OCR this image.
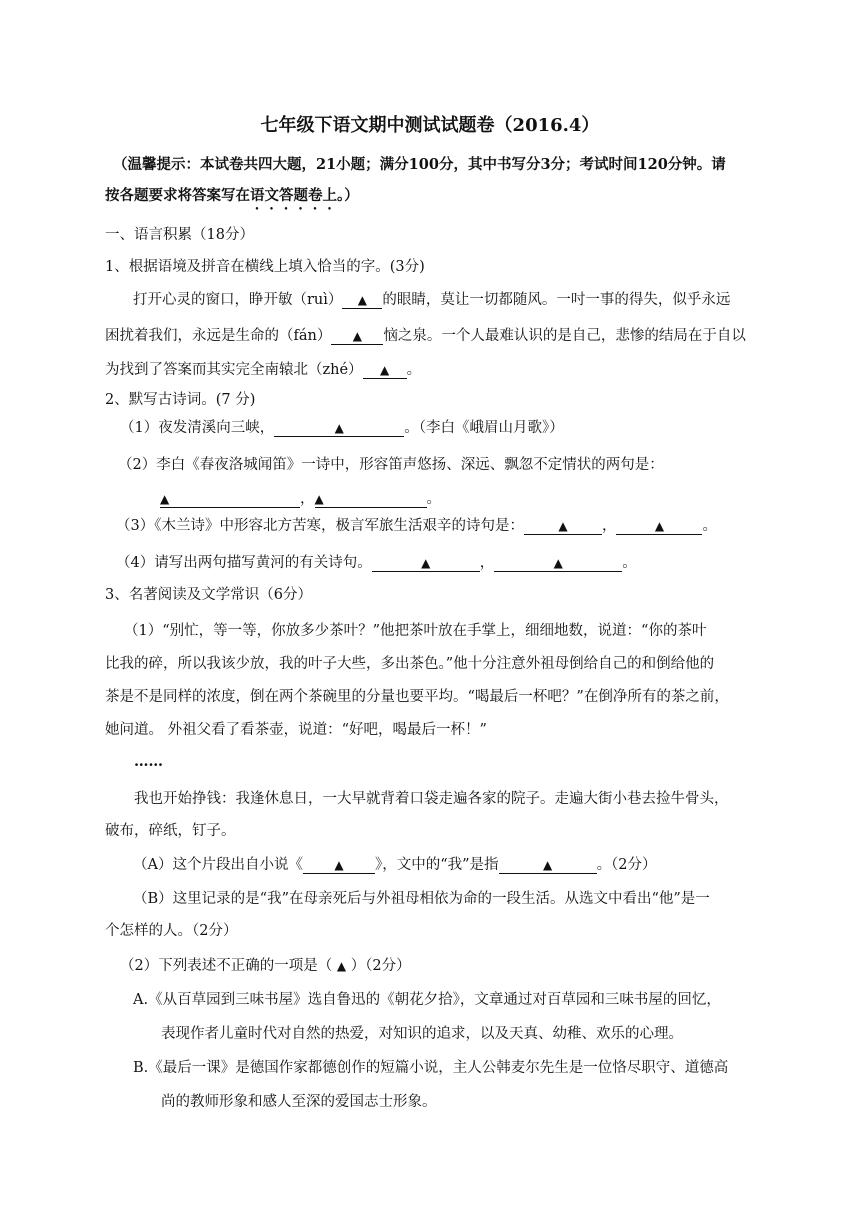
七年级下语文期中测试试题卷（2016.4）
（温馨提示：本试卷共四大题，21小题；满分100分，其中书写分3分；考试时间120分钟。请
按各题要求将答案写在语文答题卷上。）
一、语言积累（18分）
1、根据语境及拼音在横线上填入恰当的字。(3分)
打开心灵的窗口，睁开敏（ruì） ▲ 的眼睛，莫让一切都随风。一吋一事的得失，似乎永远
困扰着我们，永远是生命的（fán） ▲ 恼之泉。一个人最难认识的是自己，悲惨的结局在于自以
为找到了答案而其实完全南辕北（zhé） ▲ 。
2、默写古诗词。(7 分)
（1）夜发清溪向三峡，	▲	。（李白《峨眉山月歌》）
（2）李白《春夜洛城闻笛》一诗中，形容笛声悠扬、深远、飘忽不定情状的两句是：
▲	，▲	。
（3）《木兰诗》中形容北方苦寒，极言军旅生活艰辛的诗句是：	▲ ，	▲	。
（4）请写出两句描写黄河的有关诗句。	▲	，	▲	。
3、名著阅读及文学常识（6分）
（1）“别忙，等一等，你放多少茶叶？”他把茶叶放在手掌上，细细地数，说道：“你的茶叶
比我的碎，所以我该少放，我的叶子大些，多出茶色。”他十分注意外祖母倒给自己的和倒给他的
茶是不是同样的浓度，倒在两个茶碗里的分量也要平均。“喝最后一杯吧？”在倒净所有的茶之前，
她问道。 外祖父看了看茶壶，说道：“好吧，喝最后一杯！”
……
我也开始挣钱：我逢休息日，一大早就背着口袋走遍各家的院子。走遍大街小巷去捡牛骨头，
破布，碎纸，钉子。
（A）这个片段出自小说《	▲ 》，文中的“我”是指	▲	。（2分）
（B）这里记录的是“我”在母亲死后与外祖母相依为命的一段生活。从选文中看出“他”是一
个怎样的人。（2分）
（2）下列表述不正确的一项是（ ▲ ）（2分）
A.《从百草园到三味书屋》选自鲁迅的《朝花夕拾》，文章通过对百草园和三味书屋的回忆，
表现作者儿童时代对自然的热爱，对知识的追求，以及天真、幼稚、欢乐的心理。
B.《最后一课》是德国作家都德创作的短篇小说，主人公韩麦尔先生是一位恪尽职守、道德高
尚的教师形象和感人至深的爱国志士形象。
